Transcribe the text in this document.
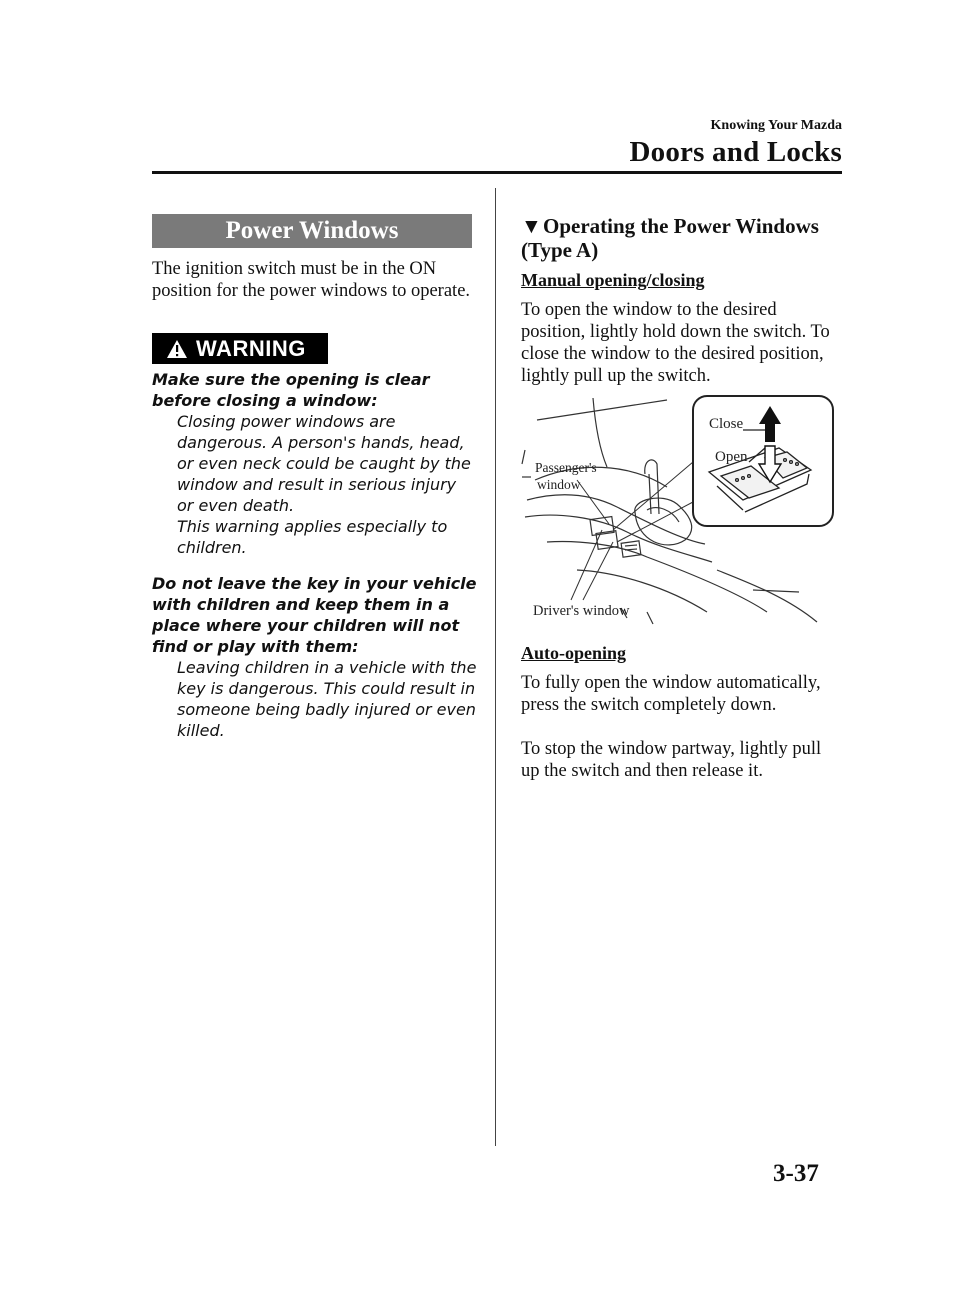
Knowing Your Mazda
Doors and Locks
Power Windows
The ignition switch must be in the ON position for the power windows to operate.
WARNING
Make sure the opening is clear before closing a window:
Closing power windows are dangerous. A person's hands, head, or even neck could be caught by the window and result in serious injury or even death.
This warning applies especially to children.
Do not leave the key in your vehicle with children and keep them in a place where your children will not find or play with them:
Leaving children in a vehicle with the key is dangerous. This could result in someone being badly injured or even killed.
▼Operating the Power Windows (Type A)
Manual opening/closing
To open the window to the desired position, lightly hold down the switch. To close the window to the desired position, lightly pull up the switch.
Close
Open
Passenger's
window
Driver's window
Auto-opening
To fully open the window automatically, press the switch completely down.
To stop the window partway, lightly pull up the switch and then release it.
3-37
